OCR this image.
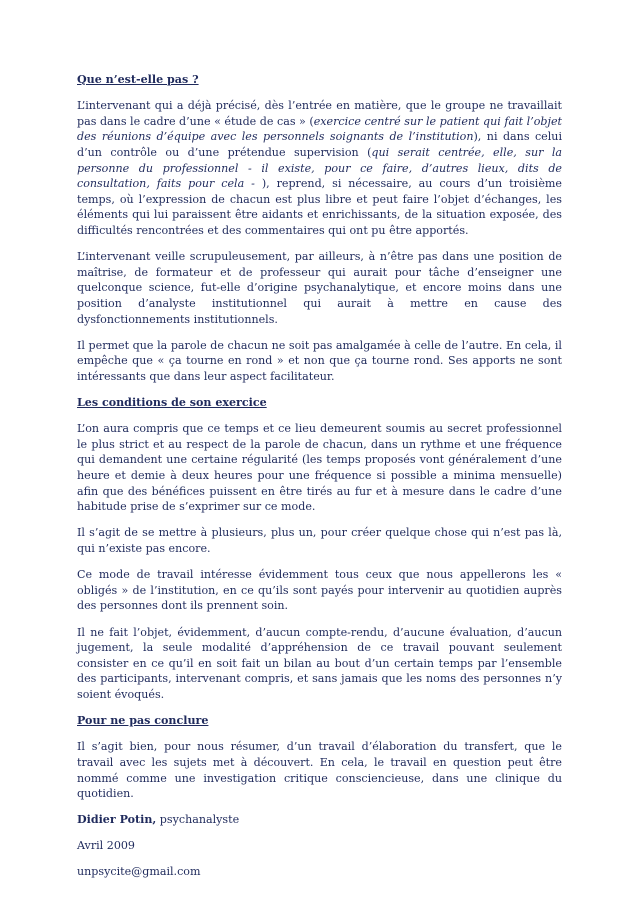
Que n’est-elle pas ?

L’intervenant qui a déjà précisé, dès l’entrée en matière, que le groupe ne travaillait pas dans le cadre d’une « étude de cas » (exercice centré sur le patient qui fait l’objet des réunions d’équipe avec les personnels soignants de l’institution), ni dans celui d’un contrôle ou d’une prétendue supervision (qui serait centrée, elle, sur la personne du professionnel - il existe, pour ce faire, d’autres lieux, dits de consultation, faits pour cela - ), reprend, si nécessaire, au cours d’un troisième temps, où l’expression de chacun est plus libre et peut faire l’objet d’échanges, les éléments qui lui paraissent être aidants et enrichissants, de la situation exposée, des difficultés rencontrées et des commentaires qui ont pu être apportés.

L’intervenant veille scrupuleusement, par ailleurs, à n’être pas dans une position de maîtrise, de formateur et de professeur qui aurait pour tâche d’enseigner une quelconque science, fut-elle d’origine psychanalytique, et encore moins dans une position d’analyste institutionnel qui aurait à mettre en cause des dysfonctionnements institutionnels.

Il permet que la parole de chacun ne soit pas amalgamée à celle de l’autre. En cela, il empêche que « ça tourne en rond » et non que ça tourne rond. Ses apports ne sont intéressants que dans leur aspect facilitateur.

Les conditions de son exercice

L’on aura compris que ce temps et ce lieu demeurent soumis au secret professionnel le plus strict et au respect de la parole de chacun, dans un rythme et une fréquence qui demandent une certaine régularité (les temps proposés vont généralement d’une heure et demie à deux heures pour une fréquence si possible a minima mensuelle) afin que des bénéfices puissent en être tirés au fur et à mesure dans le cadre d’une habitude prise de s’exprimer sur ce mode.

Il s’agit de se mettre à plusieurs, plus un, pour créer quelque chose qui n’est pas là, qui n’existe pas encore.

Ce mode de travail intéresse évidemment tous ceux que nous appellerons les « obligés » de l’institution, en ce qu’ils sont payés pour intervenir au quotidien auprès des personnes dont ils prennent soin.

Il ne fait l’objet, évidemment, d’aucun compte-rendu, d’aucune évaluation, d’aucun jugement, la seule modalité d’appréhension de ce travail pouvant seulement consister en ce qu’il en soit fait un bilan au bout d’un certain temps par l’ensemble des participants, intervenant compris, et sans jamais que les noms des personnes n’y soient évoqués.

Pour ne pas conclure

Il s’agit bien, pour nous résumer, d’un travail d’élaboration du transfert, que le travail avec les sujets met à découvert. En cela, le travail en question peut être nommé comme une investigation critique consciencieuse, dans une clinique du quotidien.

Didier Potin, psychanalyste

Avril 2009

unpsycite@gmail.com
